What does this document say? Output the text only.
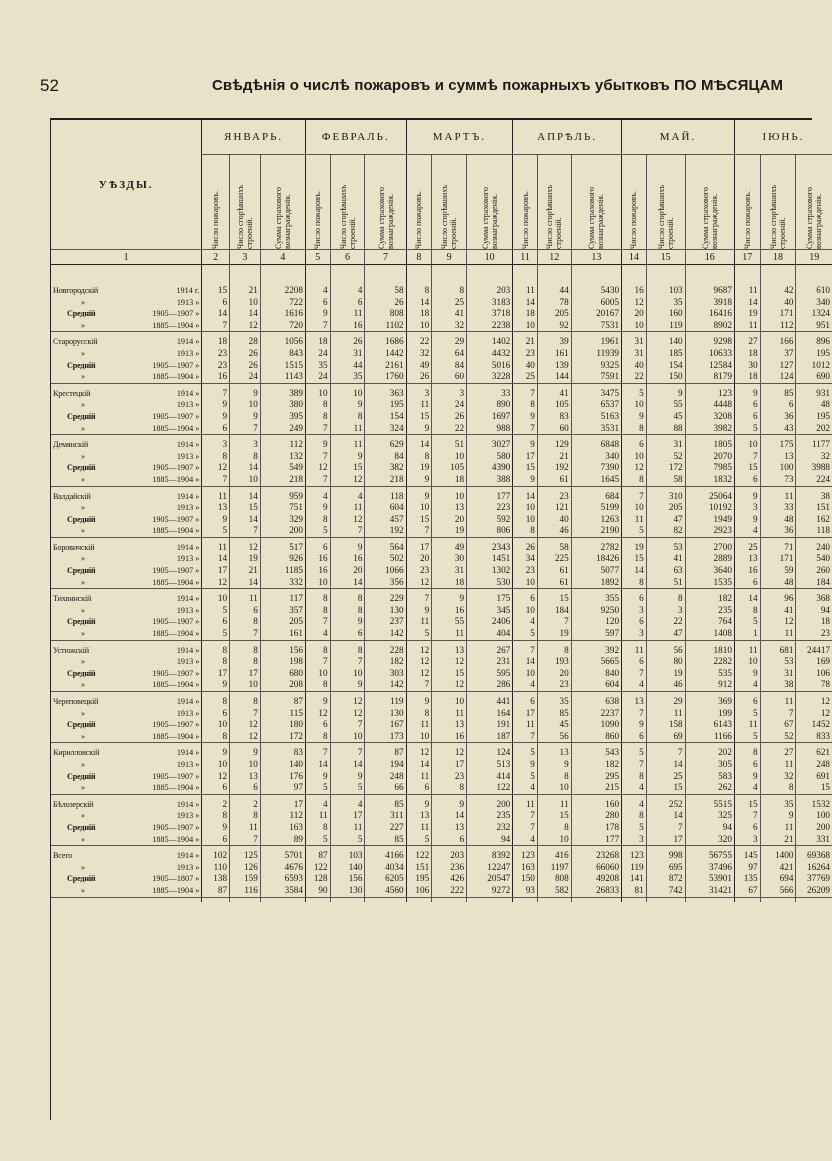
52	Свѣдѣнія о числѣ пожаровъ и суммѣ пожарныхъ убытковъ ПО МѢСЯЦАМ
УѢЗДЫ.	ЯНВАРЬ.			ФЕВРАЛЬ.			МАРТЪ.			АПРѢЛЬ.			МАЙ.			ІЮНЬ.		

	Число пожаровъ.	Число сгорѣвшихъ строеній.	Сумма страхового вознагражденія.	Число пожаровъ.	Число сгорѣвшихъ строеній.	Сумма страхового вознагражденія.	Число пожаровъ.	Число сгорѣвшихъ строеній.	Сумма страхового вознагражденія.	Число пожаровъ.	Число сгорѣвшихъ строеній.	Сумма страхового вознагражденія.	Число пожаровъ.	Число сгорѣвшихъ строеній.	Сумма страхового вознагражденія.	Число пожаровъ.	Число сгорѣвшихъ строеній.	Сумма страхового вознагражденія.

1	2	3	4	5	6	7	8	9	10	11	12	13	14	15	16	17	18	19

Новгородскій 1914 г.	15	21	2208	4	4	58	8	8	203	11	44	5430	16	103	9687	11	42	610

» 1913 »	6	10	722	6	6	26	14	25	3183	14	78	6005	12	35	3918	14	40	340

Средній 1905—1907 »	14	14	1616	9	11	808	18	41	3718	18	205	20167	20	160	16416	19	171	1324

» 1885—1904 »	7	12	720	7	16	1102	10	32	2238	10	92	7531	10	119	8902	11	112	951

Старорусскій 1914 »	18	28	1056	18	26	1686	22	29	1402	21	39	1961	31	140	9298	27	166	896

» 1913 »	23	26	843	24	31	1442	32	64	4432	23	161	11939	31	185	10633	18	37	195

Средній 1905—1907 »	23	26	1515	35	44	2161	49	84	5016	40	139	9325	40	154	12584	30	127	1012

» 1885—1904 »	16	24	1143	24	35	1760	26	60	3228	25	144	7591	22	150	8179	18	124	690

Крестецкій 1914 »	7	9	389	10	10	363	3	3	33	7	41	3475	5	9	123	9	85	931

» 1913 »	9	10	380	8	9	195	11	24	890	8	105	6537	10	55	4448	6	6	48

Средній 1905—1907 »	9	9	395	8	8	154	15	26	1697	9	83	5163	9	45	3208	6	36	195

» 1885—1904 »	6	7	249	7	11	324	9	22	988	7	60	3531	8	88	3982	5	43	202

Демянскій 1914 »	3	3	112	9	11	629	14	51	3027	9	129	6848	6	31	1805	10	175	1177

» 1913 »	8	8	132	7	9	84	8	10	580	17	21	340	10	52	2070	7	13	32

Средній 1905—1907 »	12	14	549	12	15	382	19	105	4390	15	192	7390	12	172	7985	15	100	3988

» 1885—1904 »	7	10	218	7	12	218	9	18	388	9	61	1645	8	58	1832	6	73	224

Валдайскій 1914 »	11	14	959	4	4	118	9	10	177	14	23	684	7	310	25064	9	11	38

» 1913 »	13	15	751	9	11	604	10	13	223	10	121	5199	10	205	10192	3	33	151

Средній 1905—1907 »	9	14	329	8	12	457	15	20	592	10	40	1263	11	47	1949	9	48	162

» 1885—1904 »	5	7	200	5	7	192	7	19	806	8	46	2190	5	82	2923	4	36	118

Боровичскій 1914 »	11	12	517	6	9	564	17	49	2343	26	58	2782	19	53	2700	25	71	240

» 1913 »	14	19	926	16	16	502	20	30	1451	34	225	18426	15	41	2889	13	171	540

Средній 1905—1907 »	17	21	1185	16	20	1066	23	31	1302	23	61	5077	14	63	3640	16	59	260

» 1885—1904 »	12	14	332	10	14	356	12	18	530	10	61	1892	8	51	1535	6	48	184

Тихвинскій 1914 »	10	11	117	8	8	229	7	9	175	6	15	355	6	8	182	14	96	368

» 1913 »	5	6	357	8	8	130	9	16	345	10	184	9250	3	3	235	8	41	94

Средній 1905—1907 »	6	8	205	7	9	237	11	55	2406	4	7	120	6	22	764	5	12	18

» 1885—1904 »	5	7	161	4	6	142	5	11	404	5	19	597	3	47	1408	1	11	23

Устюжскій 1914 »	8	8	156	8	8	228	12	13	267	7	8	392	11	56	1810	11	681	24417

» 1913 »	8	8	198	7	7	182	12	12	231	14	193	5665	6	80	2282	10	53	169

Средній 1905—1907 »	17	17	680	10	10	303	12	15	595	10	20	840	7	19	535	9	31	106

» 1885—1904 »	9	10	208	8	9	142	7	12	286	4	23	604	4	46	912	4	38	78

Череповецкій 1914 »	8	8	87	9	12	119	9	10	441	6	35	638	13	29	369	6	11	12

» 1913 »	6	7	115	12	12	130	8	11	164	17	85	2237	7	11	199	5	7	12

Средній 1905—1907 »	10	12	180	6	7	167	11	13	191	11	45	1090	9	158	6143	11	67	1452

» 1885—1904 »	8	12	172	8	10	173	10	16	187	7	56	860	6	69	1166	5	52	833

Кирилловскій 1914 »	9	9	83	7	7	87	12	12	124	5	13	543	5	7	202	8	27	621

» 1913 »	10	10	140	14	14	194	14	17	513	9	9	182	7	14	305	6	11	248

Средній 1905—1907 »	12	13	176	9	9	248	11	23	414	5	8	295	8	25	583	9	32	691

» 1885—1904 »	6	6	97	5	5	66	6	8	122	4	10	215	4	15	262	4	8	15

Бѣлозерскій 1914 »	2	2	17	4	4	85	9	9	200	11	11	160	4	252	5515	15	35	1532

» 1913 »	8	8	112	11	17	311	13	14	235	7	15	280	8	14	325	7	9	100

Средній 1905—1907 »	9	11	163	8	11	227	11	13	232	7	8	178	5	7	94	6	11	200

» 1885—1904 »	6	7	89	5	5	85	5	6	94	4	10	177	3	17	320	3	21	331

Всего 1914 »	102	125	5701	87	103	4166	122	203	8392	123	416	23268	123	998	56755	145	1400	69368

» 1913 »	110	126	4676	122	140	4034	151	236	12247	163	1197	66060	119	695	37496	97	421	16264

Средній 1905—1807 »	138	159	6593	128	156	6205	195	426	20547	150	808	49208	141	872	53901	135	694	37769

» 1885—1904 »	87	116	3584	90	130	4560	106	222	9272	93	582	26833	81	742	31421	67	566	26209
